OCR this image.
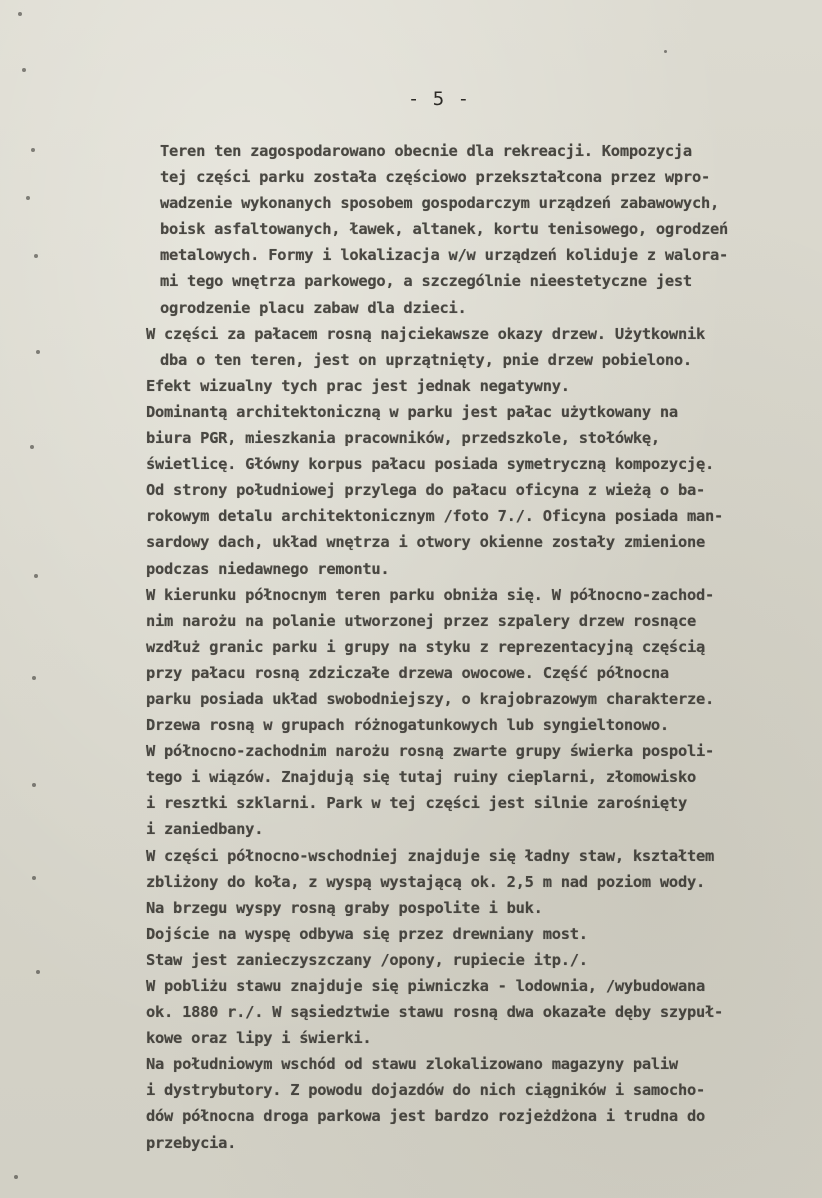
- 5 -
Teren ten zagospodarowano obecnie dla rekreacji. Kompozycja
tej części parku została częściowo przekształcona przez wpro-
wadzenie wykonanych sposobem gospodarczym urządzeń zabawowych,
boisk asfaltowanych, ławek, altanek, kortu tenisowego, ogrodzeń
metalowych. Formy i lokalizacja w/w urządzeń koliduje z walora-
mi tego wnętrza parkowego, a szczególnie nieestetyczne jest
ogrodzenie placu zabaw dla dzieci.
W części za pałacem rosną najciekawsze okazy drzew. Użytkownik
dba o ten teren, jest on uprzątnięty, pnie drzew pobielono.
Efekt wizualny tych prac jest jednak negatywny.
Dominantą architektoniczną w parku jest pałac użytkowany na
biura PGR, mieszkania pracowników, przedszkole, stołówkę,
świetlicę. Główny korpus pałacu posiada symetryczną kompozycję.
Od strony południowej przylega do pałacu oficyna z wieżą o ba-
rokowym detalu architektonicznym /foto 7./. Oficyna posiada man-
sardowy dach, układ wnętrza i otwory okienne zostały zmienione
podczas niedawnego remontu.
W kierunku północnym teren parku obniża się. W północno-zachod-
nim narożu na polanie utworzonej przez szpalery drzew rosnące
wzdłuż granic parku i grupy na styku z reprezentacyjną częścią
przy pałacu rosną zdziczałe drzewa owocowe. Część północna
parku posiada układ swobodniejszy, o krajobrazowym charakterze.
Drzewa rosną w grupach różnogatunkowych lub syngieltonowo.
W północno-zachodnim narożu rosną zwarte grupy świerka pospoli-
tego i wiązów. Znajdują się tutaj ruiny cieplarni, złomowisko
i resztki szklarni. Park w tej części jest silnie zarośnięty
i zaniedbany.
W części północno-wschodniej znajduje się ładny staw, kształtem
zbliżony do koła, z wyspą wystającą ok. 2,5 m nad poziom wody.
Na brzegu wyspy rosną graby pospolite i buk.
Dojście na wyspę odbywa się przez drewniany most.
Staw jest zanieczyszczany /opony, rupiecie itp./.
W pobliżu stawu znajduje się piwniczka - lodownia, /wybudowana
ok. 1880 r./. W sąsiedztwie stawu rosną dwa okazałe dęby szypuł-
kowe oraz lipy i świerki.
Na południowym wschód od stawu zlokalizowano magazyny paliw
i dystrybutory. Z powodu dojazdów do nich ciągników i samocho-
dów północna droga parkowa jest bardzo rozjeżdżona i trudna do
przebycia.
